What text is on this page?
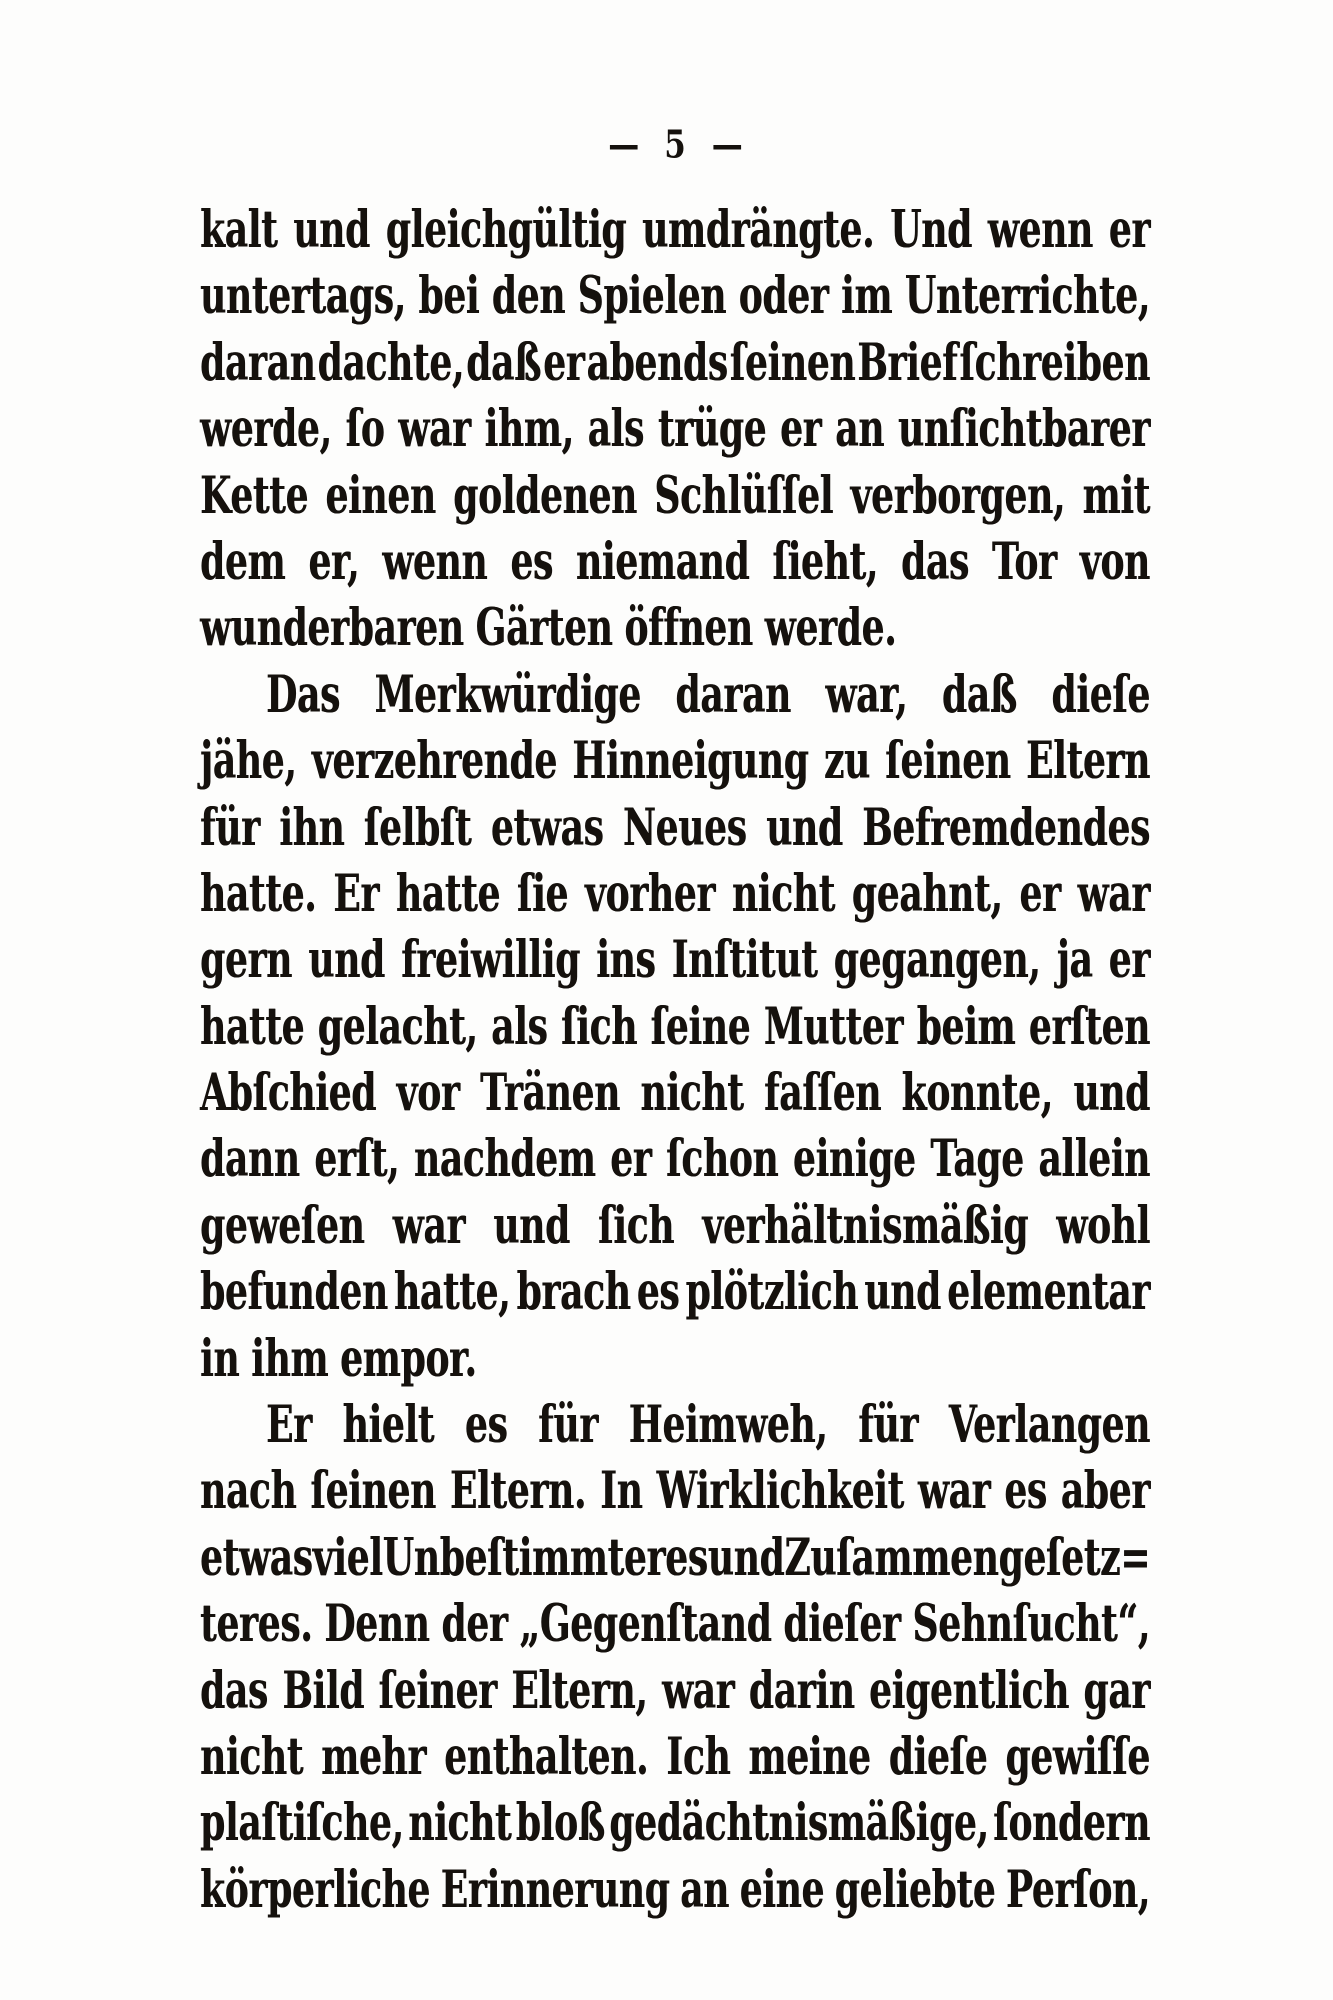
— 5 —
kalt und gleichgültig umdrängte. Und wenn er
untertags, bei den Spielen oder im Unterrichte,
daran dachte, daß er abends ſeinen Brief ſchreiben
werde, ſo war ihm, als trüge er an unſichtbarer
Kette einen goldenen Schlüſſel verborgen, mit
dem er, wenn es niemand ſieht, das Tor von
wunderbaren Gärten öffnen werde.
Das Merkwürdige daran war, daß dieſe
jähe, verzehrende Hinneigung zu ſeinen Eltern
für ihn ſelbſt etwas Neues und Befremdendes
hatte. Er hatte ſie vorher nicht geahnt, er war
gern und freiwillig ins Inſtitut gegangen, ja er
hatte gelacht, als ſich ſeine Mutter beim erſten
Abſchied vor Tränen nicht faſſen konnte, und
dann erſt, nachdem er ſchon einige Tage allein
geweſen war und ſich verhältnismäßig wohl
befunden hatte, brach es plötzlich und elementar
in ihm empor.
Er hielt es für Heimweh, für Verlangen
nach ſeinen Eltern. In Wirklichkeit war es aber
etwas viel Unbeſtimmteres und Zuſammengeſetz=
teres. Denn der „Gegenſtand dieſer Sehnſucht“,
das Bild ſeiner Eltern, war darin eigentlich gar
nicht mehr enthalten. Ich meine dieſe gewiſſe
plaſtiſche, nicht bloß gedächtnismäßige, ſondern
körperliche Erinnerung an eine geliebte Perſon,
